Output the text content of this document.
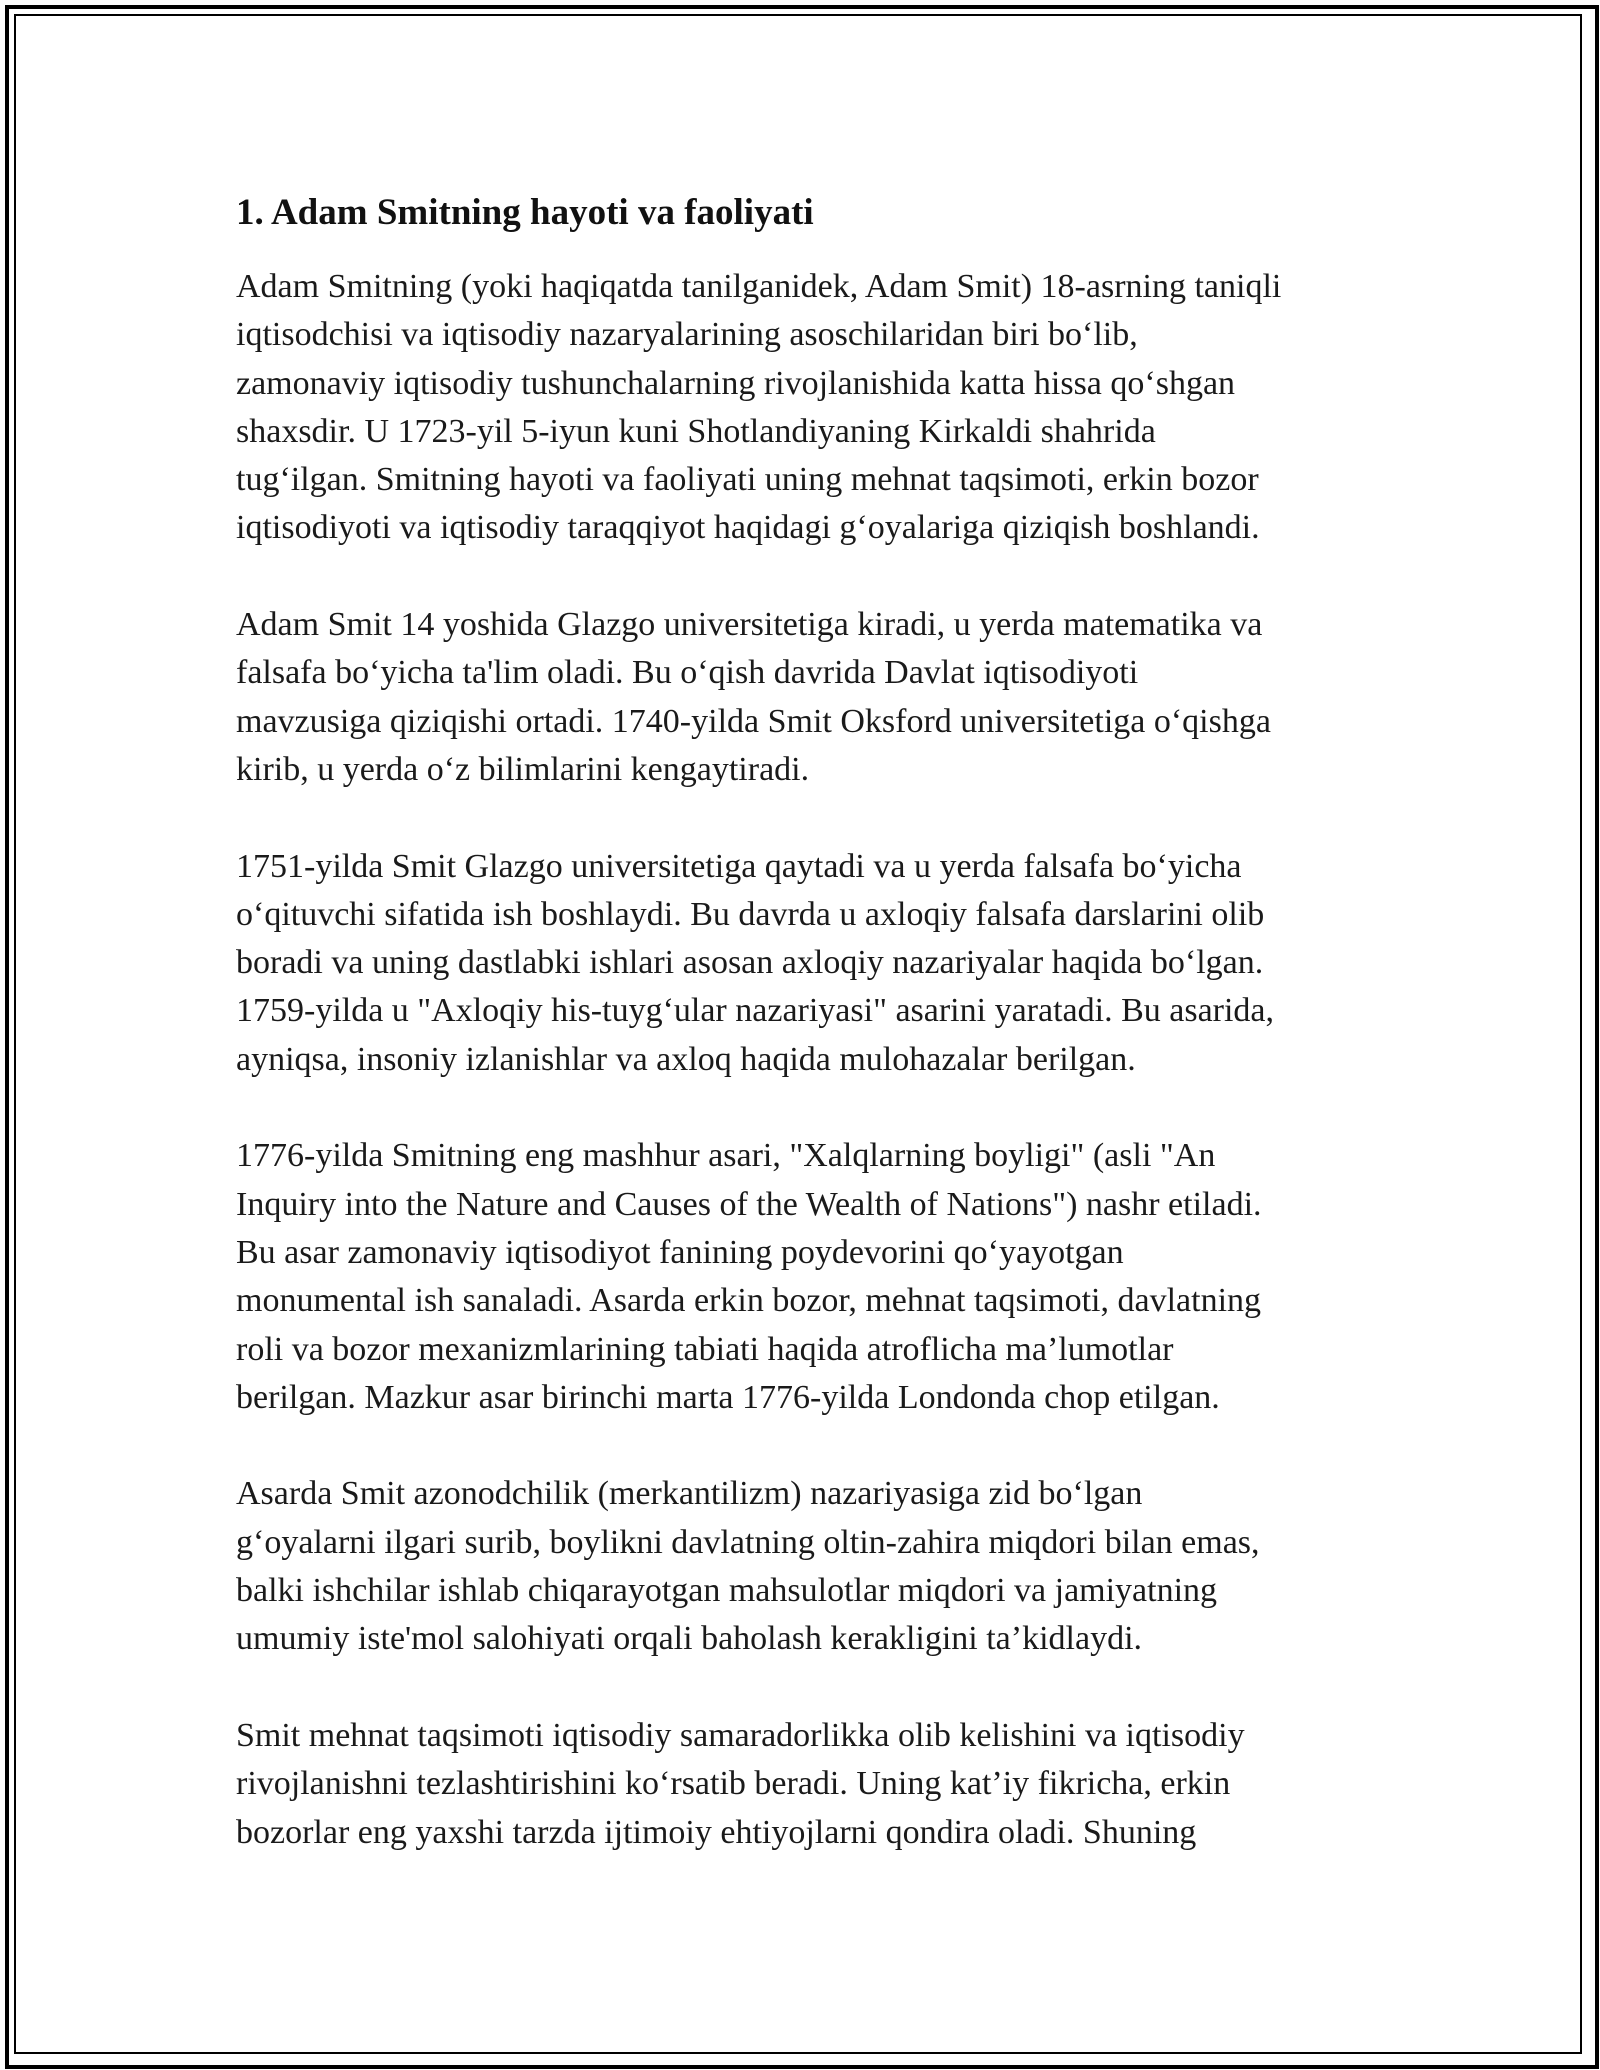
1. Adam Smitning hayoti va faoliyati

Adam Smitning (yoki haqiqatda tanilganidek, Adam Smit) 18-asrning taniqli
iqtisodchisi va iqtisodiy nazaryalarining asoschilaridan biri bo‘lib,
zamonaviy iqtisodiy tushunchalarning rivojlanishida katta hissa qo‘shgan
shaxsdir. U 1723-yil 5-iyun kuni Shotlandiyaning Kirkaldi shahrida
tug‘ilgan. Smitning hayoti va faoliyati uning mehnat taqsimoti, erkin bozor
iqtisodiyoti va iqtisodiy taraqqiyot haqidagi g‘oyalariga qiziqish boshlandi.

Adam Smit 14 yoshida Glazgo universitetiga kiradi, u yerda matematika va
falsafa bo‘yicha ta'lim oladi. Bu o‘qish davrida Davlat iqtisodiyoti
mavzusiga qiziqishi ortadi. 1740-yilda Smit Oksford universitetiga o‘qishga
kirib, u yerda o‘z bilimlarini kengaytiradi.

1751-yilda Smit Glazgo universitetiga qaytadi va u yerda falsafa bo‘yicha
o‘qituvchi sifatida ish boshlaydi. Bu davrda u axloqiy falsafa darslarini olib
boradi va uning dastlabki ishlari asosan axloqiy nazariyalar haqida bo‘lgan.
1759-yilda u "Axloqiy his-tuyg‘ular nazariyasi" asarini yaratadi. Bu asarida,
ayniqsa, insoniy izlanishlar va axloq haqida mulohazalar berilgan.

1776-yilda Smitning eng mashhur asari, "Xalqlarning boyligi" (asli "An
Inquiry into the Nature and Causes of the Wealth of Nations") nashr etiladi.
Bu asar zamonaviy iqtisodiyot fanining poydevorini qo‘yayotgan
monumental ish sanaladi. Asarda erkin bozor, mehnat taqsimoti, davlatning
roli va bozor mexanizmlarining tabiati haqida atroflicha ma’lumotlar
berilgan. Mazkur asar birinchi marta 1776-yilda Londonda chop etilgan.

Asarda Smit azonodchilik (merkantilizm) nazariyasiga zid bo‘lgan
g‘oyalarni ilgari surib, boylikni davlatning oltin-zahira miqdori bilan emas,
balki ishchilar ishlab chiqarayotgan mahsulotlar miqdori va jamiyatning
umumiy iste'mol salohiyati orqali baholash kerakligini ta’kidlaydi.

Smit mehnat taqsimoti iqtisodiy samaradorlikka olib kelishini va iqtisodiy
rivojlanishni tezlashtirishini ko‘rsatib beradi. Uning kat’iy fikricha, erkin
bozorlar eng yaxshi tarzda ijtimoiy ehtiyojlarni qondira oladi. Shuning
